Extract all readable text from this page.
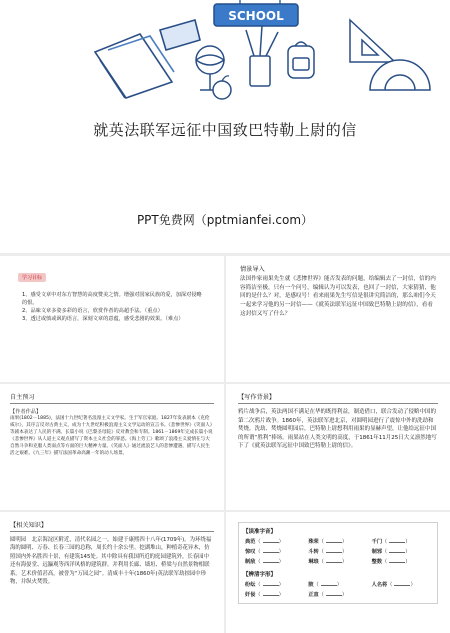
SCHOOL
就英法联军远征中国致巴特勒上尉的信
PPT免费网（pptmianfei.com）
学习目标
1、感受文章中对东方智慧的高度赞美之情。增强对国家民族的爱，加深对侵略的恨。
2、品味文章多姿多彩的语言，欣赏作者的高超手法。（重点）
3、透过或愤或讽的语言，深刻文章的意蕴，感受悲剧的效果。（难点）
情景导入
法国作家雨果先生就《悲惨世界》能否发表的问题，给编辑去了一封信，信的内容简洁至极，只有一个问号，编辑认为可以发表，也回了一封信，大家猜猜，他回的是什么？对，是感叹号！看来雨果先生写信是很讲究简洁的，那么咱们今天一起来学习他的另一封信——《就英法联军远征中国致巴特勒上尉的信》，看看这封信又写了什么？
自主预习
【作者作品】
雨果(1802－1885)，法国十九世纪著名浪漫主义文学家。生于军官家庭。1827年发表剧本《克伦威尔》，其序言反对古典主义，成为十九世纪积极浪漫主义文学运动的宣言书。《悲惨世界》《笑面人》等剧本表达了人民的不满。长篇小说《巴黎圣母院》反对教会和专制。1861－1869年完成长篇小说《悲惨世界》从人道主义观点描写了资本主义社会的罪恶。《海上劳工》歌颂了浪漫主义爱情在与大自然斗争和克服人类弱点等方面的巨大精神力量。《笑面人》通过流浪艺人的悲惨遭遇，描写人民生活之艰难。《九三年》描写法国革命高潮一年的动人场景。
【写作背景】
鸦片战争后，英法两国不满足在华的既得利益，制造借口，联合发动了侵略中国的第二次鸦片战争。1860年，英法联军进北京，对圆明园进行了震惊中外的洗劫和焚烧。洗劫、焚烧圆明园后，巴特勒上尉想利用雨果的显赫声望，让他给远征中国的所谓“胜利”捧场。雨果站在人类文明的高度，于1861年11月25日大义凛然地写下了《就英法联军远征中国致巴特勒上尉的信》。
【相关知识】
圆明园　北京海淀区附近，清代名园之一。始建于康熙四十八年(1709年)。为环绕福海的圆明、万春、长春三园的总称，周长约十余公里。挖湖堆山，种植奇花异木，仿照国内外名胜四十景，有建筑145处。其中除具有我国所近的庭园建筑外，长春园中还有海晏堂、远瀛观等西洋风格的建筑群。并利用长廊、墙垣、桥梁与自然景物相联系。艺术价值甚高，被誉为“万园之园”。清咸丰十年(1860年)英法联军劫掠园中珍物，并纵火焚毁。
【读准字音】
典范（	）	殊荣（	）	千门（	）
惊叹（	）	斗转（	）	制邪（	）
制敌（	）	琳琅（	）	整数（	）
【辨清字形】
纷纭（	）	陂（	）	人名将（	）
奸佞（	）	正直（	）
